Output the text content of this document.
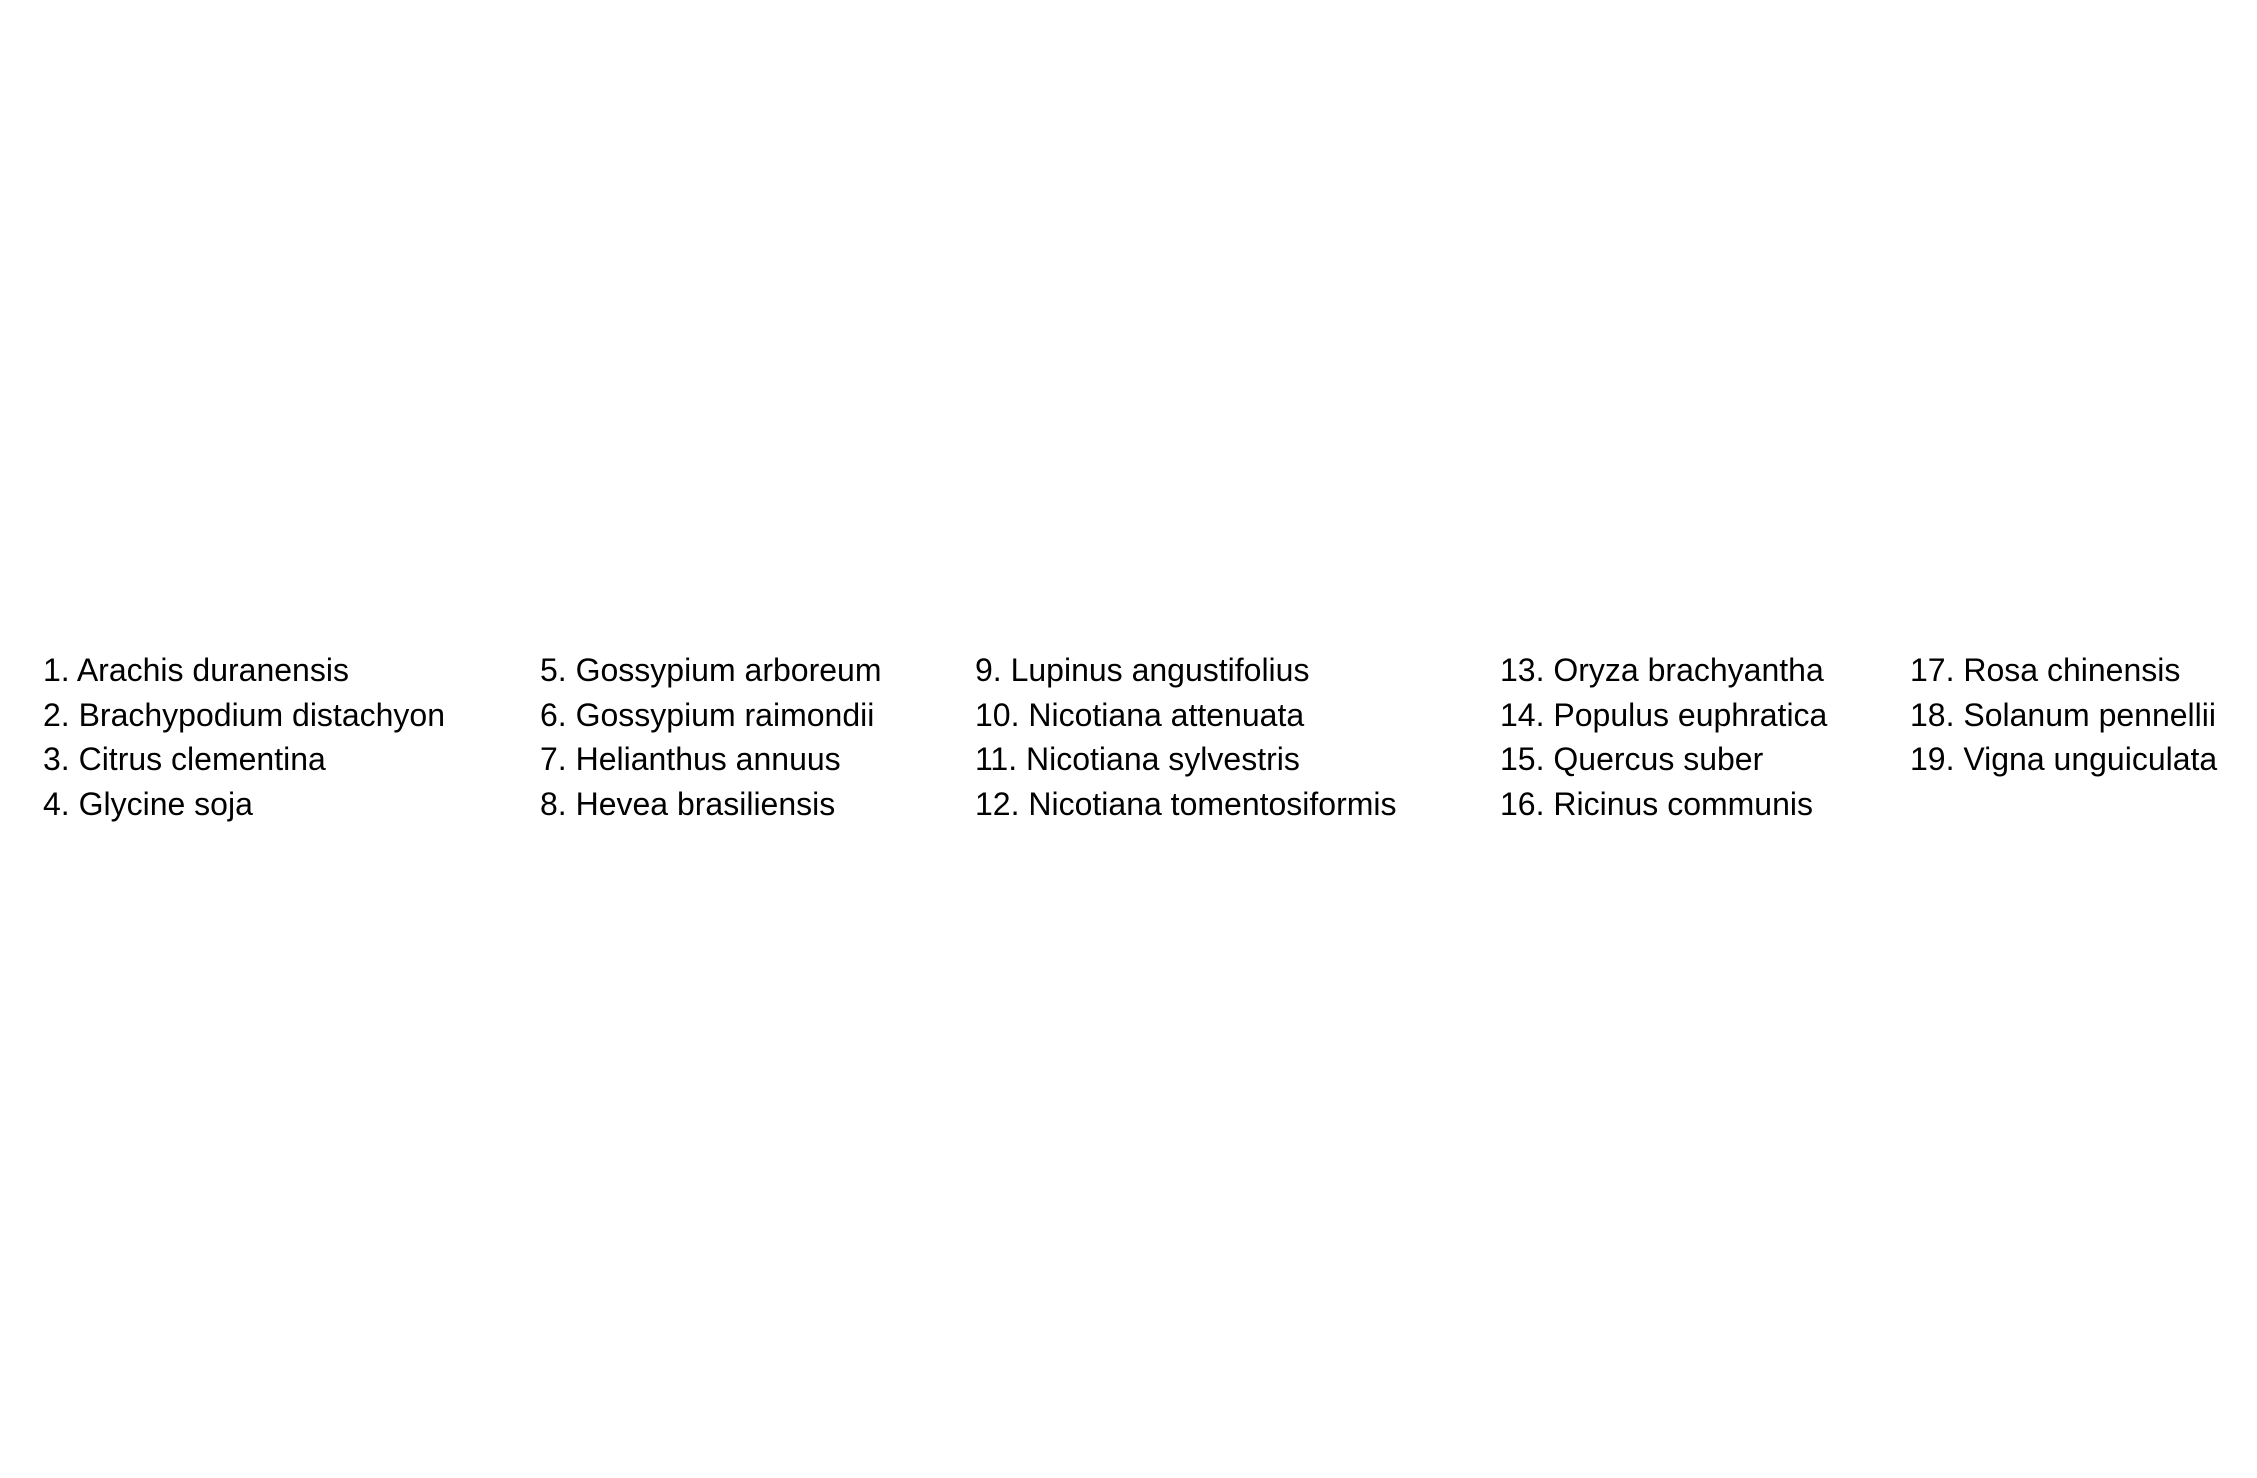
1. Arachis duranensis
2. Brachypodium distachyon
3. Citrus clementina
4. Glycine soja
5. Gossypium arboreum
6. Gossypium raimondii
7. Helianthus annuus
8. Hevea brasiliensis
9. Lupinus angustifolius
10. Nicotiana attenuata
11. Nicotiana sylvestris
12. Nicotiana tomentosiformis
13. Oryza brachyantha
14. Populus euphratica
15. Quercus suber
16. Ricinus communis
17. Rosa chinensis
18. Solanum pennellii
19. Vigna unguiculata
